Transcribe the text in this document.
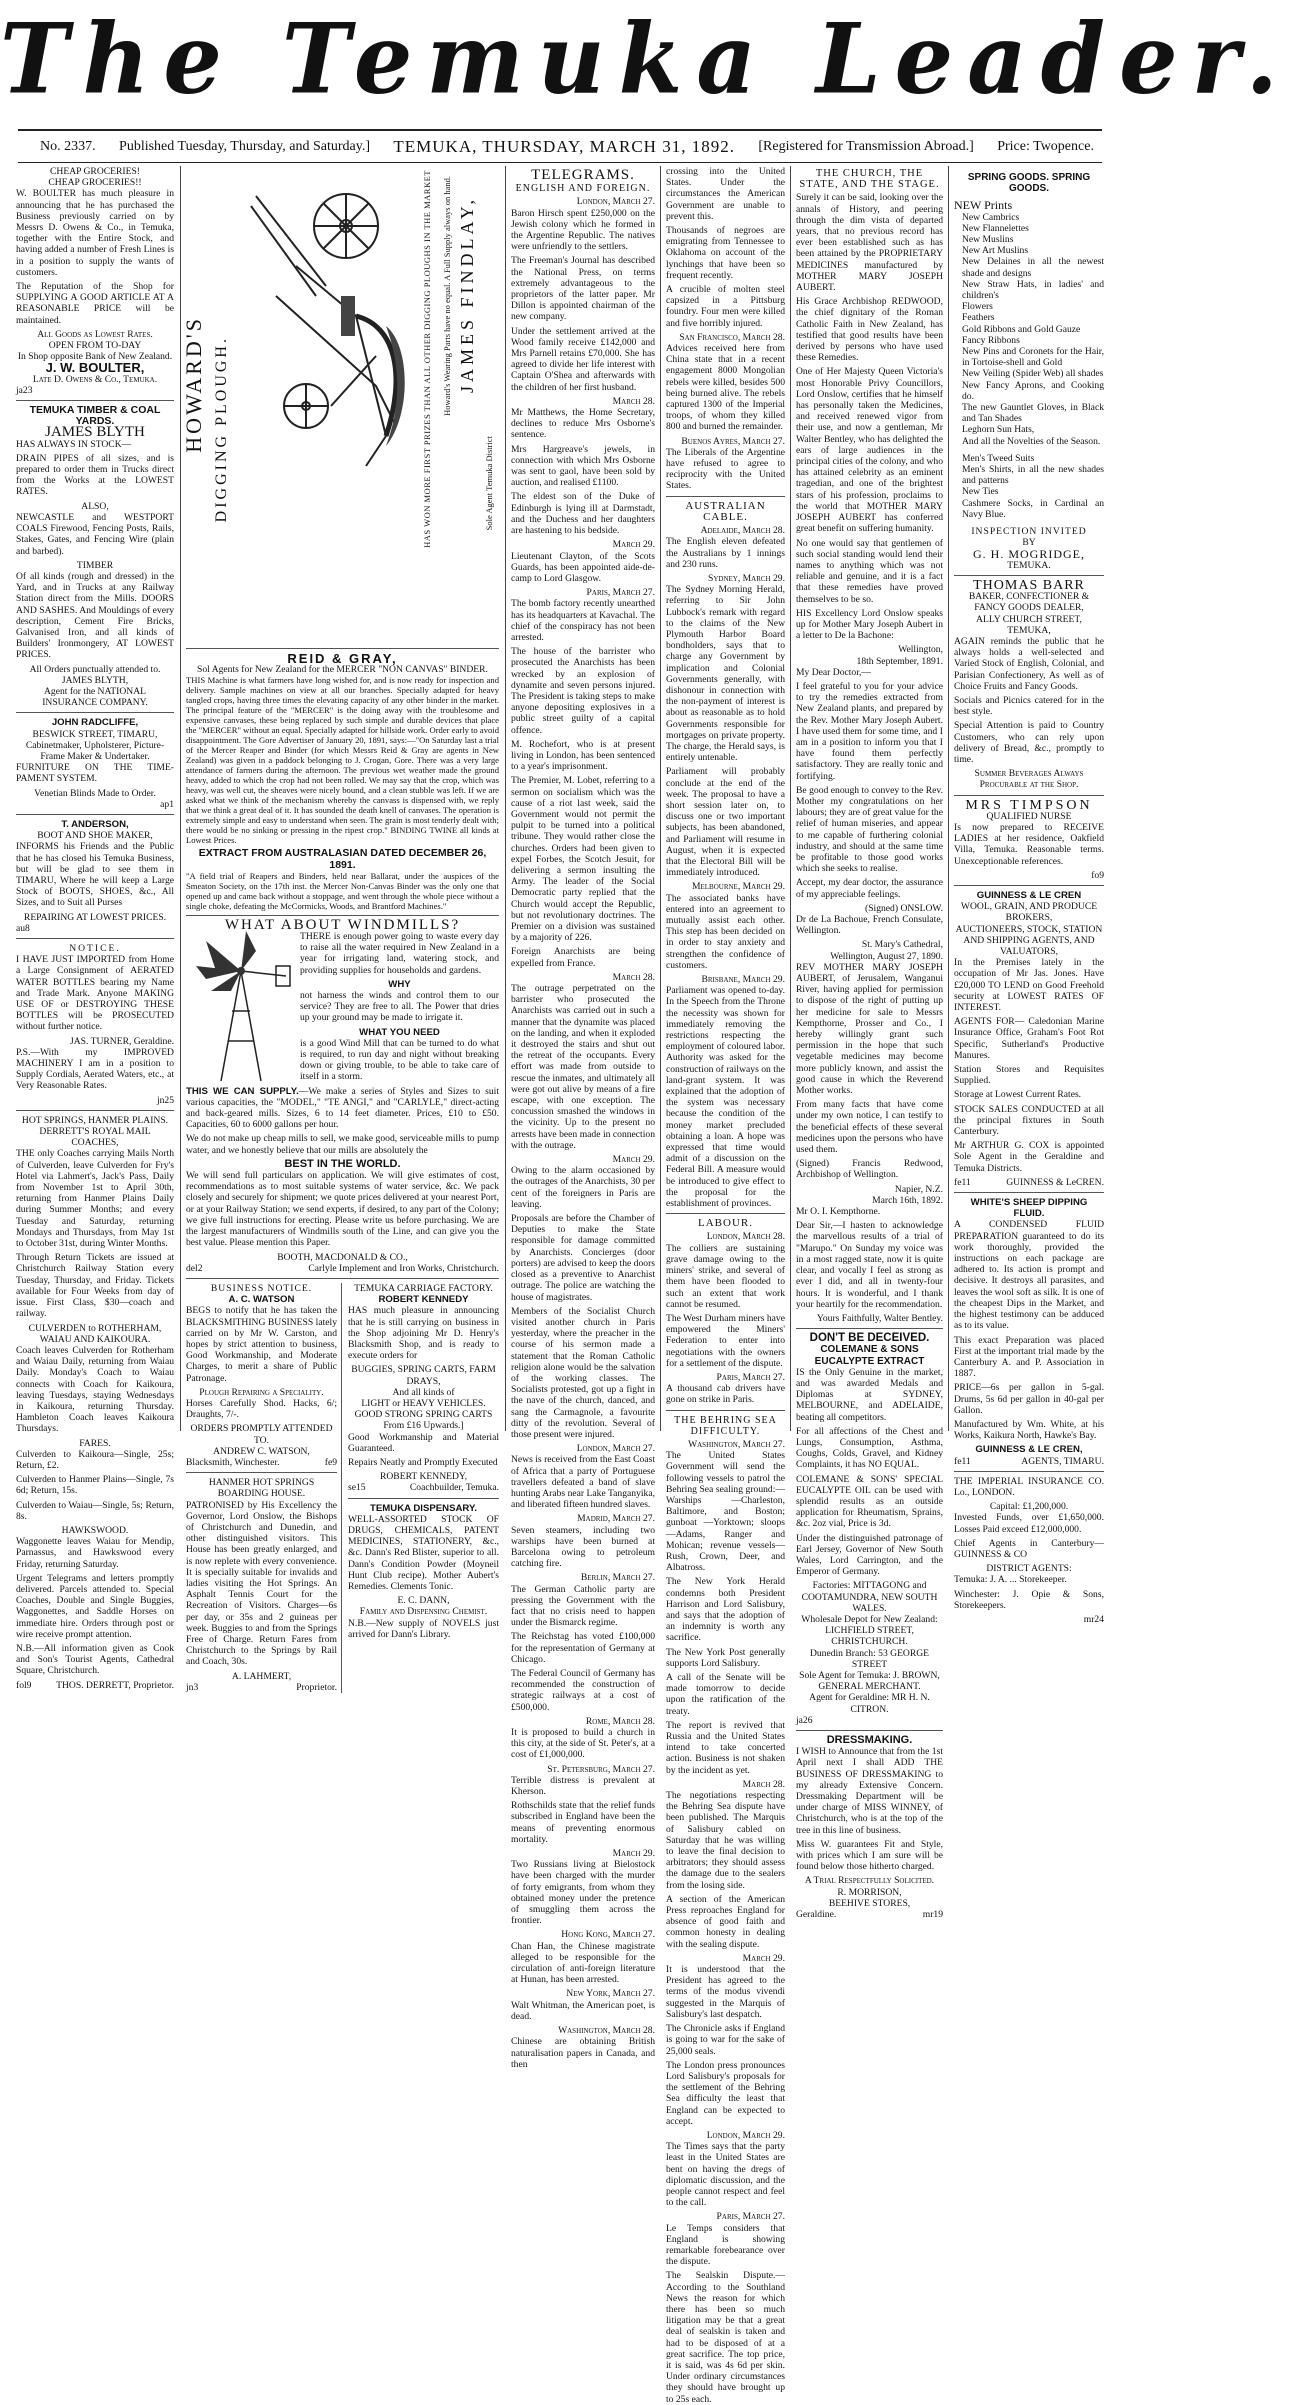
The Temuka Leader.
No. 2337. Published Tuesday, Thursday, and Saturday.] TEMUKA, THURSDAY, MARCH 31, 1892. [Registered for Transmission Abroad.] Price: Twopence.
CHEAP GROCERIES!
CHEAP GROCERIES!!

W. BOULTER has much pleasure in announcing that he has purchased the Business previously carried on by Messrs D. Owens & Co., in Temuka, together with the Entire Stock, and having added a number of Fresh Lines is in a position to supply the wants of customers.

The Reputation of the Shop for SUPPLYING A GOOD ARTICLE AT A REASONABLE PRICE will be maintained.

All Goods as Lowest Rates.
OPEN FROM TO-DAY
In Shop opposite Bank of New Zealand.
J. W. BOULTER,
Late D. Owens & Co., Temuka.
ja23
TEMUKA TIMBER & COAL YARDS.
JAMES BLYTH

HAS ALWAYS IN STOCK—

DRAIN PIPES of all sizes, and is prepared to order them in Trucks direct from the Works at the LOWEST RATES.

ALSO,

NEWCASTLE and WESTPORT COALS Firewood, Fencing Posts, Rails, Stakes, Gates, and Fencing Wire (plain and barbed).

TIMBER

Of all kinds (rough and dressed) in the Yard, and in Trucks at any Railway Station direct from the Mills. DOORS AND SASHES. And Mouldings of every description, Cement Fire Bricks, Galvanised Iron, and all kinds of Builders' Ironmongery, AT LOWEST PRICES.

All Orders punctually attended to.
JAMES BLYTH,
Agent for the NATIONAL INSURANCE COMPANY.
JOHN RADCLIFFE,
BESWICK STREET, TIMARU,
Cabinetmaker, Upholsterer, Picture-Frame Maker & Undertaker.

FURNITURE ON THE TIME-PAMENT SYSTEM.

Venetian Blinds Made to Order.
ap1
T. ANDERSON,
BOOT AND SHOE MAKER,

INFORMS his Friends and the Public that he has closed his Temuka Business, but will be glad to see them in TIMARU, Where he will keep a Large Stock of BOOTS, SHOES, &c., All Sizes, and to Suit all Purses

REPAIRING AT LOWEST PRICES.
au8
NOTICE.

I HAVE JUST IMPORTED from Home a Large Consignment of AERATED WATER BOTTLES bearing my Name and Trade Mark. Anyone MAKING USE OF or DESTROYING THESE BOTTLES will be PROSECUTED without further notice.

JAS. TURNER, Geraldine.

P.S.—With my IMPROVED MACHINERY I am in a position to Supply Cordials, Aerated Waters, etc., at Very Reasonable Rates.

jn25
HOT SPRINGS, HANMER PLAINS. DERRETT'S ROYAL MAIL COACHES,

THE only Coaches carrying Mails North of Culverden, leave Culverden for Fry's Hotel via Lahmert's, Jack's Pass, Daily from November 1st to April 30th, returning from Hanmer Plains Daily during Summer Months; and every Tuesday and Saturday, returning Mondays and Thursdays, from May 1st to October 31st, during Winter Months.

Through Return Tickets are issued at Christchurch Railway Station every Tuesday, Thursday, and Friday. Tickets available for Four Weeks from day of issue. First Class, $30—coach and railway.

CULVERDEN to ROTHERHAM, WAIAU AND KAIKOURA.

Coach leaves Culverden for Rotherham and Waiau Daily, returning from Waiau Daily. Monday's Coach to Waiau connects with Coach for Kaikoura, leaving Tuesdays, staying Wednesdays in Kaikoura, returning Thursday. Hambleton Coach leaves Kaikoura Thursdays.

FARES.

Culverden to Kaikoura—Single, 25s; Return, £2.

Culverden to Hanmer Plains—Single, 7s 6d; Return, 15s.

Culverden to Waiau—Single, 5s; Return, 8s.

HAWKSWOOD.

Waggonette leaves Waiau for Mendip, Parnassus, and Hawkswood every Friday, returning Saturday.

Urgent Telegrams and letters promptly delivered. Parcels attended to. Special Coaches, Double and Single Buggies, Waggonettes, and Saddle Horses on immediate hire. Orders through post or wire receive prompt attention.

N.B.—All information given as Cook and Son's Tourist Agents, Cathedral Square, Christchurch.

fol9	THOS. DERRETT, Proprietor.
HOWARD'S DIGGING PLOUGH.	HAS WON MORE FIRST PRIZES THAN ALL OTHER DIGGING PLOUGHS IN THE MARKET Howard's Wearing Parts have no equal. A Full Supply always on hand. JAMES FINDLAY,
Sole Agent Temuka District
REID & GRAY,
Sol Agents for New Zealand for the MERCER "NON CANVAS" BINDER.

THIS Machine is what farmers have long wished for, and is now ready for inspection and delivery. Sample machines on view at all our branches. Specially adapted for heavy tangled crops, having three times the elevating capacity of any other binder in the market. The principal feature of the "MERCER" is the doing away with the troublesome and expensive canvases, these being replaced by such simple and durable devices that place the "MERCER" without an equal. Specially adapted for hillside work. Order early to avoid disappointment. The Gore Advertiser of January 20, 1891, says:—"On Saturday last a trial of the Mercer Reaper and Binder (for which Messrs Reid & Gray are agents in New Zealand) was given in a paddock belonging to J. Crogan, Gore. There was a very large attendance of farmers during the afternoon. The previous wet weather made the ground heavy, added to which the crop had not been rolled. We may say that the crop, which was heavy, was well cut, the sheaves were nicely bound, and a clean stubble was left. If we are asked what we think of the mechanism whereby the canvass is dispensed with, we reply that we think a great deal of it. It has sounded the death knell of canvases. The operation is extremely simple and easy to understand when seen. The grain is most tenderly dealt with; there would be no sinking or pressing in the ripest crop." BINDING TWINE all kinds at Lowest Prices.

EXTRACT FROM AUSTRALASIAN DATED DECEMBER 26, 1891.

"A field trial of Reapers and Binders, held near Ballarat, under the auspices of the Smeaton Society, on the 17th inst. the Mercer Non-Canvas Binder was the only one that opened up and came back without a stoppage, and went through the whole piece without a single choke, defeating the McCormicks, Woods, and Brantford Machines."

WHAT ABOUT WINDMILLS?

THERE is enough power going to waste every day to raise all the water required in New Zealand in a year for irrigating land, watering stock, and providing supplies for households and gardens.

WHY

not harness the winds and control them to our service? They are free to all. The Power that dries up your ground may be made to irrigate it.

WHAT YOU NEED

is a good Wind Mill that can be turned to do what is required, to run day and night without breaking down or giving trouble, to be able to take care of itself in a storm.

THIS WE CAN SUPPLY.—We make a series of Styles and Sizes to suit various capacities, the "MODEL," "TE ANGI," and "CARLYLE," direct-acting and back-geared mills. Sizes, 6 to 14 feet diameter. Prices, £10 to £50. Capacities, 60 to 6000 gallons per hour.

We do not make up cheap mills to sell, we make good, serviceable mills to pump water, and we honestly believe that our mills are absolutely the

BEST IN THE WORLD.

We will send full particulars on application. We will give estimates of cost, recommendations as to most suitable systems of water service, &c. We pack closely and securely for shipment; we quote prices delivered at your nearest Port, or at your Railway Station; we send experts, if desired, to any part of the Colony; we give full instructions for erecting. Please write us before purchasing. We are the largest manufacturers of Windmills south of the Line, and can give you the best value. Please mention this Paper.

BOOTH, MACDONALD & CO.,
del2	Carlyle Implement and Iron Works, Christchurch.
BUSINESS NOTICE.
A. C. WATSON

BEGS to notify that he has taken the BLACKSMITHING BUSINESS lately carried on by Mr W. Carston, and hopes by strict attention to business, Good Workmanship, and Moderate Charges, to merit a share of Public Patronage.

Plough Repairing a Speciality.

Horses Carefully Shod. Hacks, 6/; Draughts, 7/-.

ORDERS PROMPTLY ATTENDED TO.
ANDREW C. WATSON,
Blacksmith, Winchester.	fe9
HANMER HOT SPRINGS BOARDING HOUSE.

PATRONISED by His Excellency the Governor, Lord Onslow, the Bishops of Christchurch and Dunedin, and other distinguished visitors. This House has been greatly enlarged, and is now replete with every convenience. It is specially suitable for invalids and ladies visiting the Hot Springs. An Asphalt Tennis Court for the Recreation of Visitors. Charges—6s per day, or 35s and 2 guineas per week. Buggies to and from the Springs Free of Charge. Return Fares from Christchurch to the Springs by Rail and Coach, 30s.

A. LAHMERT,
jn3	Proprietor.
TEMUKA CARRIAGE FACTORY.
ROBERT KENNEDY

HAS much pleasure in announcing that he is still carrying on business in the Shop adjoining Mr D. Henry's Blacksmith Shop, and is ready to execute orders for

BUGGIES, SPRING CARTS, FARM DRAYS,
And all kinds of
LIGHT or HEAVY VEHICLES. GOOD STRONG SPRING CARTS From £16 Upwards.]

Good Workmanship and Material Guaranteed.

Repairs Neatly and Promptly Executed

ROBERT KENNEDY,
se15	Coachbuilder, Temuka.
TEMUKA DISPENSARY.

WELL-ASSORTED STOCK OF DRUGS, CHEMICALS, PATENT MEDICINES, STATIONERY, &c., &c. Dann's Red Blister, superior to all. Dann's Condition Powder (Moyneil Hunt Club recipe). Mother Aubert's Remedies. Clements Tonic.

E. C. DANN,
Family and Dispensing Chemist.

N.B.—New supply of NOVELS just arrived for Dann's Library.

TELEGRAMS.
ENGLISH AND FOREIGN.
London, March 27.

Baron Hirsch spent £250,000 on the Jewish colony which he formed in the Argentine Republic. The natives were unfriendly to the settlers.

The Freeman's Journal has described the National Press, on terms extremely advantageous to the proprietors of the latter paper. Mr Dillon is appointed chairman of the new company.

Under the settlement arrived at the Wood family receive £142,000 and Mrs Parnell retains £70,000. She has agreed to divide her life interest with Captain O'Shea and afterwards with the children of her first husband.

March 28.

Mr Matthews, the Home Secretary, declines to reduce Mrs Osborne's sentence.

Mrs Hargreave's jewels, in connection with which Mrs Osborne was sent to gaol, have been sold by auction, and realised £1100.

The eldest son of the Duke of Edinburgh is lying ill at Darmstadt, and the Duchess and her daughters are hastening to his bedside.

March 29.

Lieutenant Clayton, of the Scots Guards, has been appointed aide-de-camp to Lord Glasgow.

Paris, March 27.

The bomb factory recently unearthed has its headquarters at Kavachal. The chief of the conspiracy has not been arrested.

The house of the barrister who prosecuted the Anarchists has been wrecked by an explosion of dynamite and seven persons injured. The President is taking steps to make anyone depositing explosives in a public street guilty of a capital offence.

M. Rochefort, who is at present living in London, has been sentenced to a year's imprisonment.

The Premier, M. Lobet, referring to a sermon on socialism which was the cause of a riot last week, said the Government would not permit the pulpit to be turned into a political tribune. They would rather close the churches. Orders had been given to expel Forbes, the Scotch Jesuit, for delivering a sermon insulting the Army. The leader of the Social Democratic party replied that the Church would accept the Republic, but not revolutionary doctrines. The Premier on a division was sustained by a majority of 226.

Foreign Anarchists are being expelled from France.

March 28.

The outrage perpetrated on the barrister who prosecuted the Anarchists was carried out in such a manner that the dynamite was placed on the landing, and when it exploded it destroyed the stairs and shut out the retreat of the occupants. Every effort was made from outside to rescue the inmates, and ultimately all were got out alive by means of a fire escape, with one exception. The concussion smashed the windows in the vicinity. Up to the present no arrests have been made in connection with the outrage.

March 29.

Owing to the alarm occasioned by the outrages of the Anarchists, 30 per cent of the foreigners in Paris are leaving.

Proposals are before the Chamber of Deputies to make the State responsible for damage committed by Anarchists. Concierges (door porters) are advised to keep the doors closed as a preventive to Anarchist outrage. The police are watching the house of magistrates.

Members of the Socialist Church visited another church in Paris yesterday, where the preacher in the course of his sermon made a statement that the Roman Catholic religion alone would be the salvation of the working classes. The Socialists protested, got up a fight in the nave of the church, danced, and sang the Carmagnole, a favourite ditty of the revolution. Several of those present were injured.

London, March 27.

News is received from the East Coast of Africa that a party of Portuguese travellers defeated a band of slave hunting Arabs near Lake Tanganyika, and liberated fifteen hundred slaves.

Madrid, March 27.

Seven steamers, including two warships have been burned at Barcelona owing to petroleum catching fire.

Berlin, March 27.

The German Catholic party are pressing the Government with the fact that no crisis need to happen under the Bismarck regime.

The Reichstag has voted £100,000 for the representation of Germany at Chicago.

The Federal Council of Germany has recommended the construction of strategic railways at a cost of £500,000.

Rome, March 28.

It is proposed to build a church in this city, at the side of St. Peter's, at a cost of £1,000,000.

St. Petersburg, March 27.

Terrible distress is prevalent at Kherson.

Rothschilds state that the relief funds subscribed in England have been the means of preventing enormous mortality.

March 29.

Two Russians living at Bielostock have been charged with the murder of forty emigrants, from whom they obtained money under the pretence of smuggling them across the frontier.

Hong Kong, March 27.

Chan Han, the Chinese magistrate alleged to be responsible for the circulation of anti-foreign literature at Hunan, has been arrested.

New York, March 27.

Walt Whitman, the American poet, is dead.

Washington, March 28.

Chinese are obtaining British naturalisation papers in Canada, and then

crossing into the United States. Under the circumstances the American Government are unable to prevent this.

Thousands of negroes are emigrating from Tennessee to Oklahoma on account of the lynchings that have been so frequent recently.

A crucible of molten steel capsized in a Pittsburg foundry. Four men were killed and five horribly injured.

San Francisco, March 28.

Advices received here from China state that in a recent engagement 8000 Mongolian rebels were killed, besides 500 being burned alive. The rebels captured 1300 of the Imperial troops, of whom they killed 800 and burned the remainder.

Buenos Ayres, March 27.

The Liberals of the Argentine have refused to agree to reciprocity with the United States.

AUSTRALIAN CABLE.
Adelaide, March 28.

The English eleven defeated the Australians by 1 innings and 230 runs.

Sydney, March 29.

The Sydney Morning Herald, referring to Sir John Lubbock's remark with regard to the claims of the New Plymouth Harbor Board bondholders, says that to charge any Government by implication and Colonial Governments generally, with dishonour in connection with the non-payment of interest is about as reasonable as to hold Governments responsible for mortgages on private property. The charge, the Herald says, is entirely untenable.

Parliament will probably conclude at the end of the week. The proposal to have a short session later on, to discuss one or two important subjects, has been abandoned, and Parliament will resume in August, when it is expected that the Electoral Bill will be immediately introduced.

Melbourne, March 29.

The associated banks have entered into an agreement to mutually assist each other. This step has been decided on in order to stay anxiety and strengthen the confidence of customers.

Brisbane, March 29.

Parliament was opened to-day. In the Speech from the Throne the necessity was shown for immediately removing the restrictions respecting the employment of coloured labor. Authority was asked for the construction of railways on the land-grant system. It was explained that the adoption of the system was necessary because the condition of the money market precluded obtaining a loan. A hope was expressed that time would admit of a discussion on the Federal Bill. A measure would be introduced to give effect to the proposal for the establishment of provinces.

LABOUR.
London, March 28.

The colliers are sustaining grave damage owing to the miners' strike, and several of them have been flooded to such an extent that work cannot be resumed.

The West Durham miners have empowered the Miners' Federation to enter into negotiations with the owners for a settlement of the dispute.

Paris, March 27.

A thousand cab drivers have gone on strike in Paris.

THE BEHRING SEA DIFFICULTY.
Washington, March 27.

The United States Government will send the following vessels to patrol the Behring Sea sealing ground:—Warships —Charleston, Baltimore, and Boston; gunboat —Yorktown; sloops —Adams, Ranger and Mohican; revenue vessels— Rush, Crown, Deer, and Albatross.

The New York Herald condemns both President Harrison and Lord Salisbury, and says that the adoption of an indemnity is worth any sacrifice.

The New York Post generally supports Lord Salisbury.

A call of the Senate will be made tomorrow to decide upon the ratification of the treaty.

The report is revived that Russia and the United States intend to take concerted action. Business is not shaken by the incident as yet.

March 28.

The negotiations respecting the Behring Sea dispute have been published. The Marquis of Salisbury cabled on Saturday that he was willing to leave the final decision to arbitrators; they should assess the damage due to the sealers from the losing side.

A section of the American Press reproaches England for absence of good faith and common honesty in dealing with the sealing dispute.

March 29.

It is understood that the President has agreed to the terms of the modus vivendi suggested in the Marquis of Salisbury's last despatch.

The Chronicle asks if England is going to war for the sake of 25,000 seals.

The London press pronounces Lord Salisbury's proposals for the settlement of the Behring Sea difficulty the least that England can be expected to accept.

London, March 29.

The Times says that the party least in the United States are bent on having the dregs of diplomatic discussion, and the people cannot respect and feel to the call.

Paris, March 27.

Le Temps considers that England is showing remarkable forebearance over the dispute.

The Sealskin Dispute.—According to the Southland News the reason for which there has been so much litigation may be that a great deal of sealskin is taken and had to be disposed of at a great sacrifice. The top price, it is said, was 4s 6d per skin. Under ordinary circumstances they should have brought up to 25s each.

THE CHURCH, THE STATE, AND THE STAGE.

Surely it can be said, looking over the annals of History, and peering through the dim vista of departed years, that no previous record has ever been established such as has been attained by the PROPRIETARY MEDICINES manufactured by MOTHER MARY JOSEPH AUBERT.

His Grace Archbishop REDWOOD, the chief dignitary of the Roman Catholic Faith in New Zealand, has testified that good results have been derived by persons who have used these Remedies.

One of Her Majesty Queen Victoria's most Honorable Privy Councillors, Lord Onslow, certifies that he himself has personally taken the Medicines, and received renewed vigor from their use, and now a gentleman, Mr Walter Bentley, who has delighted the ears of large audiences in the principal cities of the colony, and who has attained celebrity as an eminent tragedian, and one of the brightest stars of his profession, proclaims to the world that MOTHER MARY JOSEPH AUBERT has conferred great benefit on suffering humanity.

No one would say that gentlemen of such social standing would lend their names to anything which was not reliable and genuine, and it is a fact that these remedies have proved themselves to be so.

HIS Excellency Lord Onslow speaks up for Mother Mary Joseph Aubert in a letter to De la Bachone:

Wellington,
18th September, 1891.

My Dear Doctor,—

I feel grateful to you for your advice to try the remedies extracted from New Zealand plants, and prepared by the Rev. Mother Mary Joseph Aubert. I have used them for some time, and I am in a position to inform you that I have found them perfectly satisfactory. They are really tonic and fortifying.

Be good enough to convey to the Rev. Mother my congratulations on her labours; they are of great value for the relief of human miseries, and appear to me capable of furthering colonial industry, and should at the same time be profitable to those good works which she seeks to realise.

Accept, my dear doctor, the assurance of my appreciable feelings.

(Signed) ONSLOW.

Dr de La Bachoue, French Consulate, Wellington.

St. Mary's Cathedral,
Wellington, August 27, 1890.

REV MOTHER MARY JOSEPH AUBERT, of Jerusalem, Wanganui River, having applied for permission to dispose of the right of putting up her medicine for sale to Messrs Kempthorne, Prosser and Co., I hereby willingly grant such permission in the hope that such vegetable medicines may become more publicly known, and assist the good cause in which the Reverend Mother works.

From many facts that have come under my own notice, I can testify to the beneficial effects of these several medicines upon the persons who have used them.

(Signed) Francis Redwood, Archbishop of Wellington.

Napier, N.Z.
March 16th, 1892.

Mr O. I. Kempthorne.

Dear Sir,—I hasten to acknowledge the marvellous results of a trial of "Marupo." On Sunday my voice was in a most ragged state, now it is quite clear, and vocally I feel as strong as ever I did, and all in twenty-four hours. It is wonderful, and I thank your heartily for the recommendation.

Yours Faithfully, Walter Bentley.
DON'T BE DECEIVED.
COLEMANE & SONS EUCALYPTE EXTRACT

IS the Only Genuine in the market, and was awarded Medals and Diplomas at SYDNEY, MELBOURNE, and ADELAIDE, beating all competitors.

For all affections of the Chest and Lungs, Consumption, Asthma, Coughs, Colds, Gravel, and Kidney Complaints, it has NO EQUAL.

COLEMANE & SONS' SPECIAL EUCALYPTE OIL can be used with splendid results as an outside application for Rheumatism, Sprains, &c. 2oz vial, Price is 3d.

Under the distinguished patronage of Earl Jersey, Governor of New South Wales, Lord Carrington, and the Emperor of Germany.

Factories: MITTAGONG and COOTAMUNDRA, NEW SOUTH WALES.
Wholesale Depot for New Zealand: LICHFIELD STREET, CHRISTCHURCH.
Dunedin Branch: 53 GEORGE STREET
Sole Agent for Temuka: J. BROWN, GENERAL MERCHANT.
Agent for Geraldine: MR H. N. CITRON.
ja26
DRESSMAKING.

I WISH to Announce that from the 1st April next I shall ADD THE BUSINESS OF DRESSMAKING to my already Extensive Concern. Dressmaking Department will be under charge of MISS WINNEY, of Christchurch, who is at the top of the tree in this line of business.

Miss W. guarantees Fit and Style, with prices which I am sure will be found below those hitherto charged.

A Trial Respectfully Solicited.
R. MORRISON,
BEEHIVE STORES,
Geraldine.	mr19
SPRING GOODS. SPRING GOODS.
NEW Prints
New Cambrics
New Flannelettes
New Muslins
New Art Muslins
New Delaines in all the newest shade and designs
New Straw Hats, in ladies' and children's
Flowers
Feathers
Gold Ribbons and Gold Gauze
Fancy Ribbons
New Pins and Coronets for the Hair, in Tortoise-shell and Gold
New Veiling (Spider Web) all shades
New Fancy Aprons, and Cooking do.
The new Gauntlet Gloves, in Black and Tan Shades
Leghorn Sun Hats,
And all the Novelties of the Season.
Men's Tweed Suits
Men's Shirts, in all the new shades and patterns
New Ties
Cashmere Socks, in Cardinal an Navy Blue.
INSPECTION INVITED
BY
G. H. MOGRIDGE,
TEMUKA.
THOMAS BARR
BAKER, CONFECTIONER & FANCY GOODS DEALER,
ALLY CHURCH STREET, TEMUKA,

AGAIN reminds the public that he always holds a well-selected and Varied Stock of English, Colonial, and Parisian Confectionery, As well as of Choice Fruits and Fancy Goods.

Socials and Picnics catered for in the best style.

Special Attention is paid to Country Customers, who can rely upon delivery of Bread, &c., promptly to time.

Summer Beverages Always Procurable at the Shop.
MRS TIMPSON
QUALIFIED NURSE

Is now prepared to RECEIVE LADIES at her residence, Oakfield Villa, Temuka. Reasonable terms. Unexceptionable references.

fo9
GUINNESS & LE CREN
WOOL, GRAIN, AND PRODUCE BROKERS,
AUCTIONEERS, STOCK, STATION AND SHIPPING AGENTS, AND VALUATORS,

In the Premises lately in the occupation of Mr Jas. Jones. Have £20,000 TO LEND on Good Freehold security at LOWEST RATES OF INTEREST.

AGENTS FOR— Caledonian Marine Insurance Office, Graham's Foot Rot Specific, Sutherland's Productive Manures.

Station Stores and Requisites Supplied.

Storage at Lowest Current Rates.

STOCK SALES CONDUCTED at all the principal fixtures in South Canterbury.

Mr ARTHUR G. COX is appointed Sole Agent in the Geraldine and Temuka Districts.

fe11	GUINNESS & LeCREN.
WHITE'S SHEEP DIPPING FLUID.

A CONDENSED FLUID PREPARATION guaranteed to do its work thoroughly, provided the instructions on each package are adhered to. Its action is prompt and decisive. It destroys all parasites, and leaves the wool soft as silk. It is one of the cheapest Dips in the Market, and the highest testimony can be adduced as to its value.

This exact Preparation was placed First at the important trial made by the Canterbury A. and P. Association in 1887.

PRICE—6s per gallon in 5-gal. Drums, 5s 6d per gallon in 40-gal per Gallon.

Manufactured by Wm. White, at his Works, Kaikura North, Hawke's Bay.

GUINNESS & LE CREN,
fe11	AGENTS, TIMARU.

THE IMPERIAL INSURANCE CO. Lo., LONDON.

Capital: £1,200,000.

Invested Funds, over £1,650,000. Losses Paid exceed £12,000,000.

Chief Agents in Canterbury— GUINNESS & CO

DISTRICT AGENTS:

Temuka: J. A. ... Storekeeper.

Winchester: J. Opie & Sons, Storekeepers.

mr24
